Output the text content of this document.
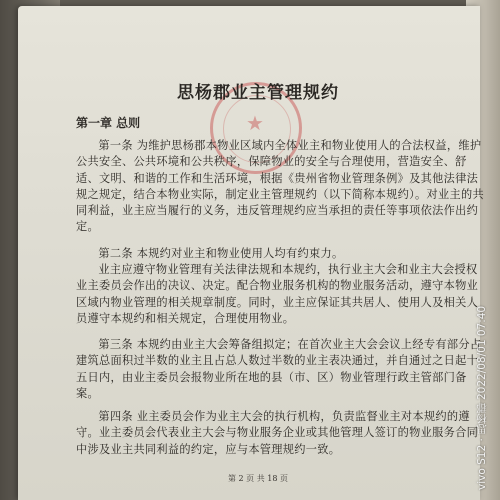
★
思杨郡业主管理规约
第一章 总则

第一条 为维护思杨郡本物业区域内全体业主和物业使用人的合法权益，维护公共安全、公共环境和公共秩序，保障物业的安全与合理使用，营造安全、舒适、文明、和谐的工作和生活环境，根据《贵州省物业管理条例》及其他法律法规之规定，结合本物业实际，制定业主管理规约（以下简称本规约）。对业主的共同利益，业主应当履行的义务，违反管理规约应当承担的责任等事项依法作出约定。

第二条 本规约对业主和物业使用人均有约束力。

业主应遵守物业管理有关法律法规和本规约，执行业主大会和业主大会授权业主委员会作出的决议、决定。配合物业服务机构的物业服务活动，遵守本物业区域内物业管理的相关规章制度。同时，业主应保证其共居人、使用人及相关人员遵守本规约和相关规定，合理使用物业。

第三条 本规约由业主大会筹备组拟定；在首次业主大会会议上经专有部分占建筑总面积过半数的业主且占总人数过半数的业主表决通过，并自通过之日起十五日内，由业主委员会报物业所在地的县（市、区）物业管理行政主管部门备案。

第四条 业主委员会作为业主大会的执行机构，负责监督业主对本规约的遵守。业主委员会代表业主大会与物业服务企业或其他管理人签订的物业服务合同中涉及业主共同利益的约定，应与本管理规约一致。

第 2 页 共 18 页	vivo S12 · 思杨郡 2022/08/01 07:40
